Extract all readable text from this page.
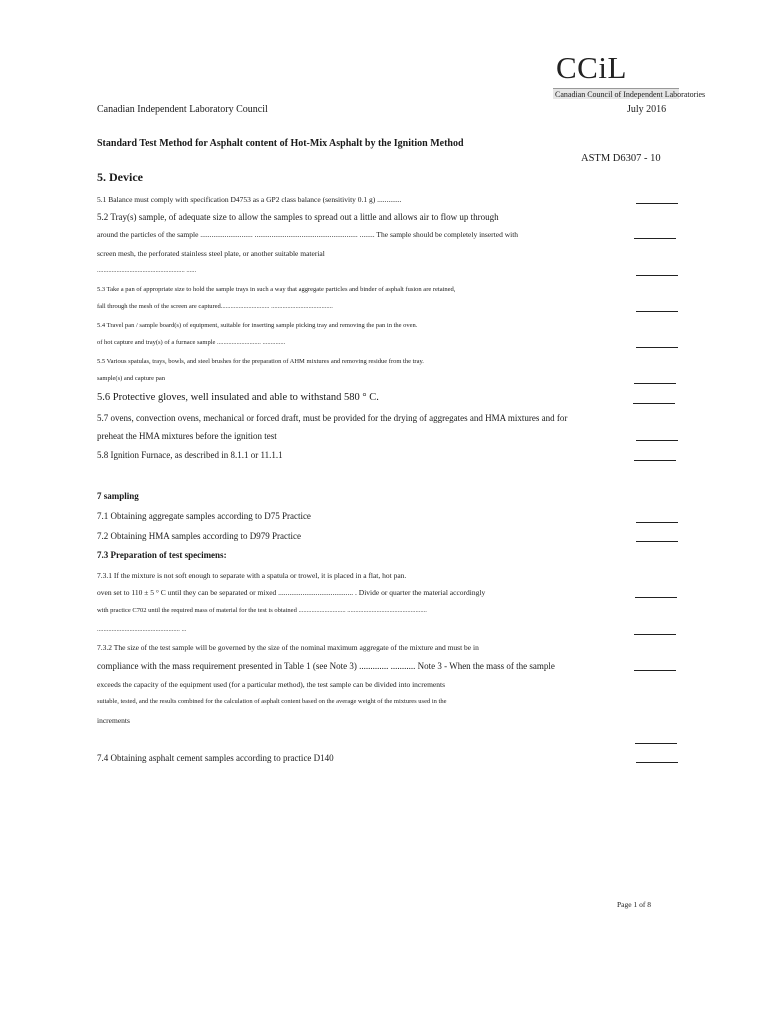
CCiL
Canadian Council of Independent Laboratories
Canadian Independent Laboratory Council	July 2016
Standard Test Method for Asphalt content of Hot-Mix Asphalt by the Ignition Method
ASTM D6307 - 10
5. Device
5.1 Balance must comply with specification D4753 as a GP2 class balance (sensitivity 0.1 g) .............
5.2 Tray(s) sample, of adequate size to allow the samples to spread out a little and allows air to flow up through
around the particles of the sample ............................ ....................................................... ........ The sample should be completely inserted with
screen mesh, the perforated stainless steel plate, or another suitable material
...................................................... ......
5.3 Take a pan of appropriate size to hold the sample trays in such a way that aggregate particles and binder of asphalt fusion are retained,
fall through the mesh of the screen are captured.............................. ......................................
5.4 Travel pan / sample board(s) of equipment, suitable for inserting sample picking tray and removing the pan in the oven.
of hot capture and tray(s) of a furnace sample ........................... ..............
5.5 Various spatulas, trays, bowls, and steel brushes for the preparation of AHM mixtures and removing residue from the tray.
sample(s) and capture pan
5.6 Protective gloves, well insulated and able to withstand 580 ° C.
5.7 ovens, convection ovens, mechanical or forced draft, must be provided for the drying of aggregates and HMA mixtures and for
preheat the HMA mixtures before the ignition test
5.8 Ignition Furnace, as described in 8.1.1 or 11.1.1
7 sampling
7.1 Obtaining aggregate samples according to D75 Practice
7.2 Obtaining HMA samples according to D979 Practice
7.3 Preparation of test specimens:
7.3.1 If the mixture is not soft enough to separate with a spatula or trowel, it is placed in a flat, hot pan.
oven set to 110 ± 5 ° C until they can be separated or mixed ........................................ . Divide or quarter the material accordingly
with practice C702 until the required mass of material for the test is obtained ............................. .................................................
................................................... ...
7.3.2 The size of the test sample will be governed by the size of the nominal maximum aggregate of the mixture and must be in
compliance with the mass requirement presented in Table 1 (see Note 3) ............. ........... Note 3 - When the mass of the sample
exceeds the capacity of the equipment used (for a particular method), the test sample can be divided into increments
suitable, tested, and the results combined for the calculation of asphalt content based on the average weight of the mixtures used in the
increments
7.4 Obtaining asphalt cement samples according to practice D140
Page 1 of 8
